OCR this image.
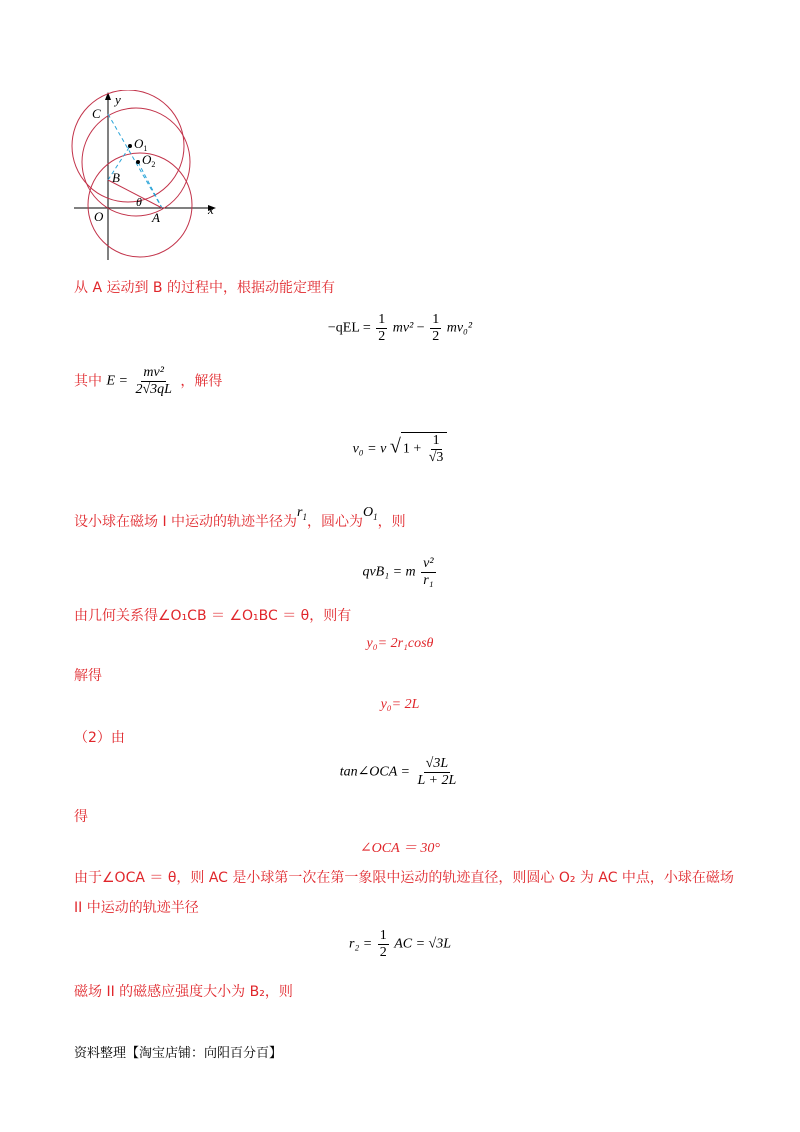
y
x
C
$O_1$
$O_2$
B
O
θ
A
从 A 运动到 B 的过程中，根据动能定理有
$-qEL = \frac{1}{2} mv^2 - \frac{1}{2} mv_0^2$
其中 $E = \frac{\text{mv²}}{2√3qL}$ ，解得
v₀ = v √ $1 + \frac{1}{√3}$
设小球在磁场 I 中运动的轨迹半径为$r_1$，圆心为$O_1$，则
qvB₁ = m $\frac{\text{v²}}{\text{r₁}}$
由几何关系得∠O₁CB ＝ ∠O₁BC ＝ θ，则有
y₀= 2r₁cosθ
解得
y₀= 2L
（2）由
tan∠OCA = $\frac{√3L}{L + 2L}$
得
∠OCA ＝ 30°
由于∠OCA ＝ θ，则 AC 是小球第一次在第一象限中运动的轨迹直径，则圆心 O₂ 为 AC 中点，小球在磁场
II 中运动的轨迹半径
$r_2 = \frac{1}{2}$ AC = √3L
磁场 II 的磁感应强度大小为 B₂，则
资料整理【淘宝店铺：向阳百分百】
